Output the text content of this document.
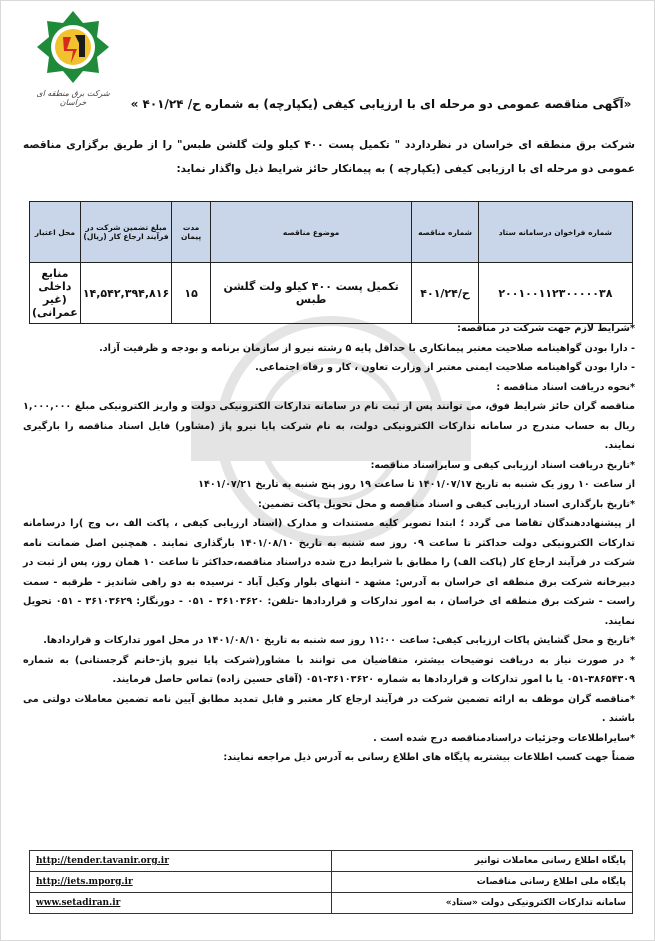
شرکت برق منطقه ای خراسان	«آگهی مناقصه عمومی دو مرحله ای با ارزیابی کیفی (یکپارچه) به شماره ح/ ۴۰۱/۲۴ »
شرکت برق منطقه ای خراسان در نظرداردد " تکمیل پست ۴۰۰ کیلو ولت گلشن طبس" را از طریق برگزاری مناقصه عمومی دو مرحله ای با ارزیابی کیفی (یکپارچه ) به پیمانکار حائز شرایط ذیل واگذار نماید:
شماره فراخوان درسامانه ستاد	شماره مناقصه	موضوع مناقصه	مدت پیمان	مبلغ تضمین شرکت در فرآیند ارجاع کار (ریال)	محل اعتبار
۲۰۰۱۰۰۱۱۲۳۰۰۰۰۰۳۸	ح/۴۰۱/۲۴	تکمیل پست ۴۰۰ کیلو ولت گلشن طبس	۱۵	۱۴,۵۴۲,۳۹۴,۸۱۶	منابع داخلی (غیر عمرانی)

*شرایط لازم جهت شرکت در مناقصه:

- دارا بودن گواهینامه صلاحیت معتبر پیمانکاری با حداقل پایه ۵ رشته نیرو از سازمان برنامه و بودجه و ظرفیت آزاد.

- دارا بودن گواهینامه صلاحیت ایمنی معتبر از وزارت تعاون ، کار و رفاه اجتماعی.

*نحوه دریافت اسناد مناقصه :

مناقصه گران حائز شرایط فوق، می توانند پس از ثبت نام در سامانه تدارکات الکترونیکی دولت و واریز الکترونیکی مبلغ ۱,۰۰۰,۰۰۰ ریال به حساب مندرج در سامانه تدارکات الکترونیکی دولت، به نام شرکت پایا نیرو پاژ (مشاور) فایل اسناد مناقصه را بارگیری نمایند.

*تاریخ دریافت اسناد ارزیابی کیفی و سایراسناد مناقصه:

از ساعت ۱۰ روز یک شنبه به تاریخ ۱۴۰۱/۰۷/۱۷ تا ساعت ۱۹ روز پنج شنبه به تاریخ ۱۴۰۱/۰۷/۲۱

*تاریخ بارگذاری اسناد ارزیابی کیفی و اسناد مناقصه و محل تحویل پاکت تضمین:

از پیشنهاددهندگان تقاضا می گردد ؛ ابتدا تصویر کلیه مستندات و مدارک (اسناد ارزیابی کیفی ، پاکت الف ،ب وج )را درسامانه تدارکات الکترونیکی دولت حداکثر تا ساعت ۰۹ روز سه شنبه به تاریخ ۱۴۰۱/۰۸/۱۰ بارگذاری نمایند . همچنین اصل ضمانت نامه شرکت در فرآیند ارجاع کار (پاکت الف) را مطابق با شرایط درج شده دراسناد مناقصه،حداکثر تا ساعت ۱۰ همان روز، پس از ثبت در دبیرخانه شرکت برق منطقه ای خراسان به آدرس: مشهد - انتهای بلوار وکیل آباد - نرسیده به دو راهی شاندیز - طرقبه - سمت راست - شرکت برق منطقه ای خراسان ، به امور تدارکات و قراردادها -تلفن: ۳۶۱۰۳۶۲۰ - ۰۵۱ - دورنگار: ۳۶۱۰۳۶۲۹ - ۰۵۱ تحویل نمایند.

*تاریخ و محل گشایش پاکات ارزیابی کیفی: ساعت ۱۱:۰۰ روز سه شنبه به تاریخ ۱۴۰۱/۰۸/۱۰ در محل امور تدارکات و قراردادها.

* در صورت نیاز به دریافت توضیحات بیشتر، متقاضیان می توانند با مشاور(شرکت پایا نیرو پاژ-خانم گرجستانی) به شماره ۳۸۶۵۴۳۰۹-۰۵۱ یا با امور تدارکات و قراردادها به شماره ۳۶۱۰۳۶۲۰-۰۵۱ (آقای حسین زاده) تماس حاصل فرمایند.

*مناقصه گران موظف به ارائه تضمین شرکت در فرآیند ارجاع کار معتبر و قابل تمدید مطابق آیین نامه تضمین معاملات دولتی می باشند .

*سایراطلاعات وجزئیات دراسنادمناقصه درج شده است .

ضمناً جهت کسب اطلاعات بیشتربه پایگاه های اطلاع رسانی به آدرس ذیل مراجعه نمایند:

http://tender.tavanir.org.ir	پایگاه اطلاع رسانی معاملات توانیر
http://iets.mporg.ir	پایگاه ملی اطلاع رسانی مناقصات
www.setadiran.ir	سامانه تدارکات الکترونیکی دولت «ستاد»
